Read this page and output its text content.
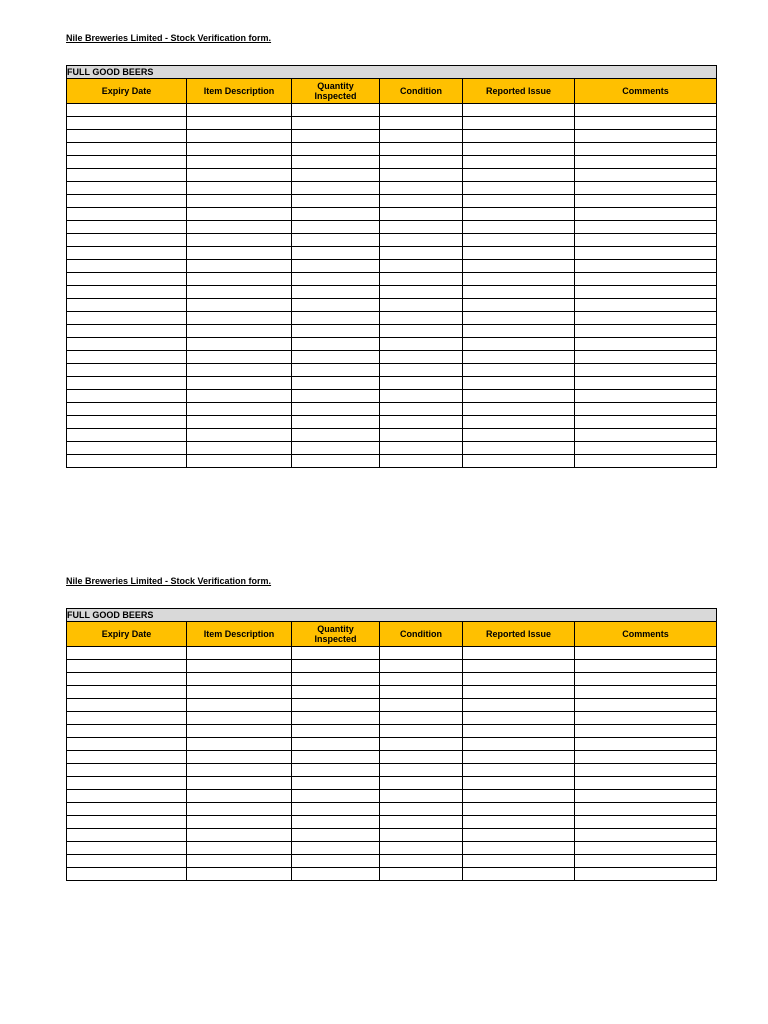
Nile Breweries Limited - Stock Verification form.
FULL GOOD BEERS					
Expiry Date	Item Description	Quantity Inspected	Condition	Reported Issue	Comments

Nile Breweries Limited - Stock Verification form.
FULL GOOD BEERS					
Expiry Date	Item Description	Quantity Inspected	Condition	Reported Issue	Comments
